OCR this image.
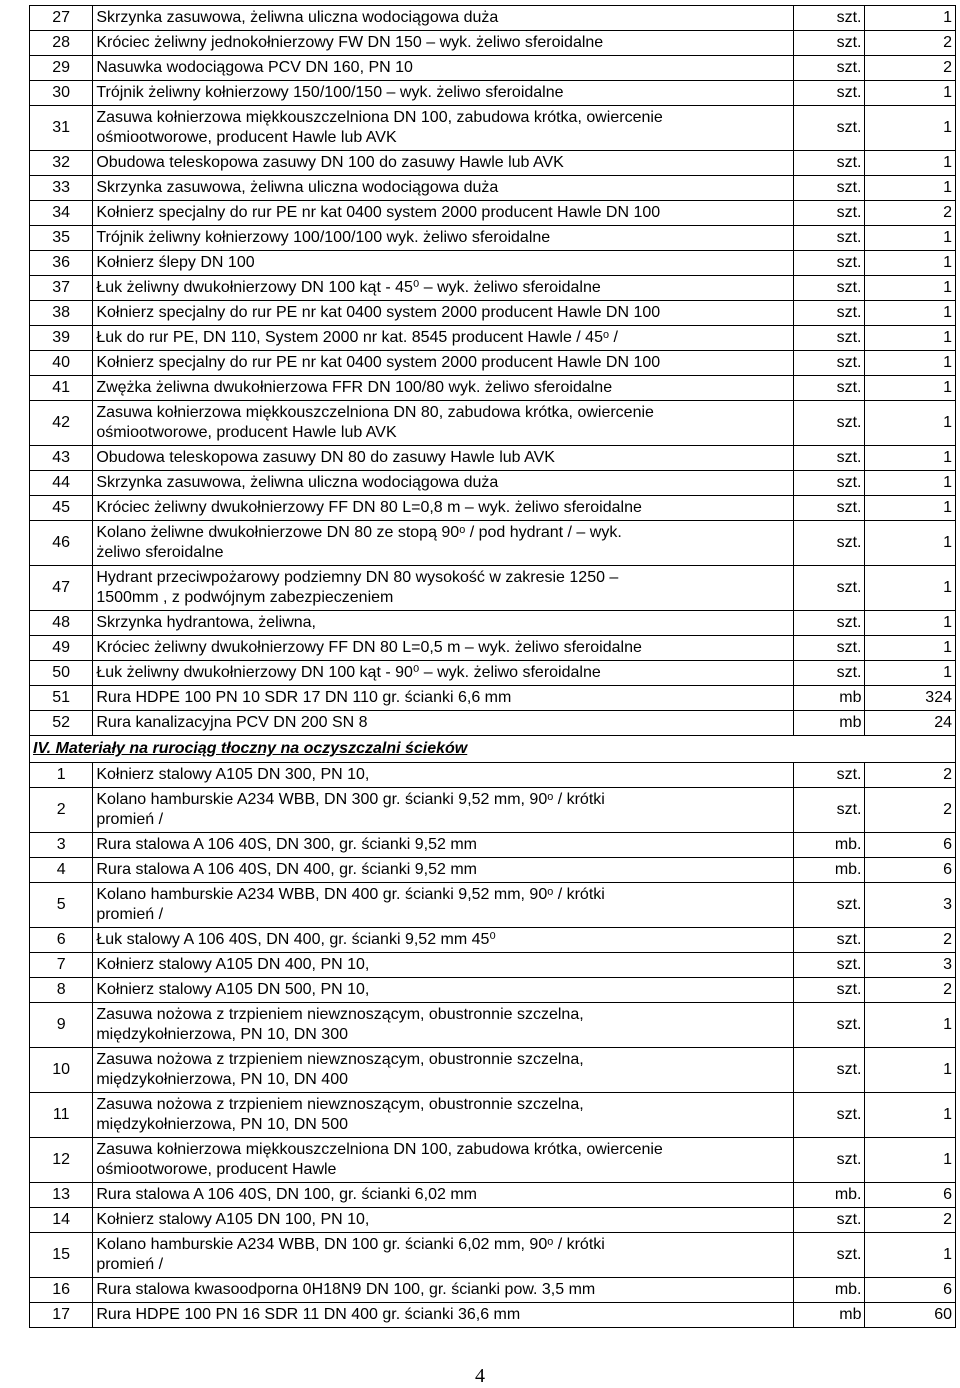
27	Skrzynka zasuwowa, żeliwna uliczna wodociągowa duża	szt.	1
28	Króciec żeliwny jednokołnierzowy FW DN 150 – wyk. żeliwo sferoidalne	szt.	2
29	Nasuwka wodociągowa PCV DN 160, PN 10	szt.	2
30	Trójnik żeliwny kołnierzowy 150/100/150 – wyk. żeliwo sferoidalne	szt.	1
31	Zasuwa kołnierzowa miękkouszczelniona DN 100, zabudowa krótka, owiercenie
ośmiootworowe, producent Hawle lub AVK	szt.	1
32	Obudowa teleskopowa zasuwy DN 100 do zasuwy Hawle lub AVK	szt.	1
33	Skrzynka zasuwowa, żeliwna uliczna wodociągowa duża	szt.	1
34	Kołnierz specjalny do rur PE nr kat 0400 system 2000 producent Hawle DN 100	szt.	2
35	Trójnik żeliwny kołnierzowy 100/100/100 wyk. żeliwo sferoidalne	szt.	1
36	Kołnierz ślepy DN 100	szt.	1
37	Łuk żeliwny dwukołnierzowy DN 100 kąt - 45⁰ – wyk. żeliwo sferoidalne	szt.	1
38	Kołnierz specjalny do rur PE nr kat 0400 system 2000 producent Hawle DN 100	szt.	1
39	Łuk do rur PE, DN 110, System 2000 nr kat. 8545 producent Hawle / 45ᵒ /	szt.	1
40	Kołnierz specjalny do rur PE nr kat 0400 system 2000 producent Hawle DN 100	szt.	1
41	Zwężka żeliwna dwukołnierzowa FFR DN 100/80 wyk. żeliwo sferoidalne	szt.	1
42	Zasuwa kołnierzowa miękkouszczelniona DN 80, zabudowa krótka, owiercenie
ośmiootworowe, producent Hawle lub AVK	szt.	1
43	Obudowa teleskopowa zasuwy DN 80 do zasuwy Hawle lub AVK	szt.	1
44	Skrzynka zasuwowa, żeliwna uliczna wodociągowa duża	szt.	1
45	Króciec żeliwny dwukołnierzowy FF DN 80 L=0,8 m – wyk. żeliwo sferoidalne	szt.	1
46	Kolano żeliwne dwukołnierzowe DN 80 ze stopą 90ᵒ / pod hydrant / – wyk.
żeliwo sferoidalne	szt.	1
47	Hydrant przeciwpożarowy podziemny DN 80 wysokość w zakresie 1250 –
1500mm , z podwójnym zabezpieczeniem	szt.	1
48	Skrzynka hydrantowa, żeliwna,	szt.	1
49	Króciec żeliwny dwukołnierzowy FF DN 80 L=0,5 m – wyk. żeliwo sferoidalne	szt.	1
50	Łuk żeliwny dwukołnierzowy DN 100 kąt - 90⁰ – wyk. żeliwo sferoidalne	szt.	1
51	Rura HDPE 100 PN 10 SDR 17 DN 110 gr. ścianki 6,6 mm	mb	324
52	Rura kanalizacyjna PCV DN 200 SN 8	mb	24
IV. Materiały na rurociąg tłoczny na oczyszczalni ścieków			
1	Kołnierz stalowy A105 DN 300, PN 10,	szt.	2
2	Kolano hamburskie A234 WBB, DN 300 gr. ścianki 9,52 mm, 90ᵒ / krótki
promień /	szt.	2
3	Rura stalowa A 106 40S, DN 300, gr. ścianki 9,52 mm	mb.	6
4	Rura stalowa A 106 40S, DN 400, gr. ścianki 9,52 mm	mb.	6
5	Kolano hamburskie A234 WBB, DN 400 gr. ścianki 9,52 mm, 90ᵒ / krótki
promień /	szt.	3
6	Łuk stalowy A 106 40S, DN 400, gr. ścianki 9,52 mm 45⁰	szt.	2
7	Kołnierz stalowy A105 DN 400, PN 10,	szt.	3
8	Kołnierz stalowy A105 DN 500, PN 10,	szt.	2
9	Zasuwa nożowa z trzpieniem niewznoszącym, obustronnie szczelna,
międzykołnierzowa, PN 10, DN 300	szt.	1
10	Zasuwa nożowa z trzpieniem niewznoszącym, obustronnie szczelna,
międzykołnierzowa, PN 10, DN 400	szt.	1
11	Zasuwa nożowa z trzpieniem niewznoszącym, obustronnie szczelna,
międzykołnierzowa, PN 10, DN 500	szt.	1
12	Zasuwa kołnierzowa miękkouszczelniona DN 100, zabudowa krótka, owiercenie
ośmiootworowe, producent Hawle	szt.	1
13	Rura stalowa A 106 40S, DN 100, gr. ścianki 6,02 mm	mb.	6
14	Kołnierz stalowy A105 DN 100, PN 10,	szt.	2
15	Kolano hamburskie A234 WBB, DN 100 gr. ścianki 6,02 mm, 90ᵒ / krótki
promień /	szt.	1
16	Rura stalowa kwasoodporna 0H18N9 DN 100, gr. ścianki pow. 3,5 mm	mb.	6
17	Rura HDPE 100 PN 16 SDR 11 DN 400 gr. ścianki 36,6 mm	mb	60
4
